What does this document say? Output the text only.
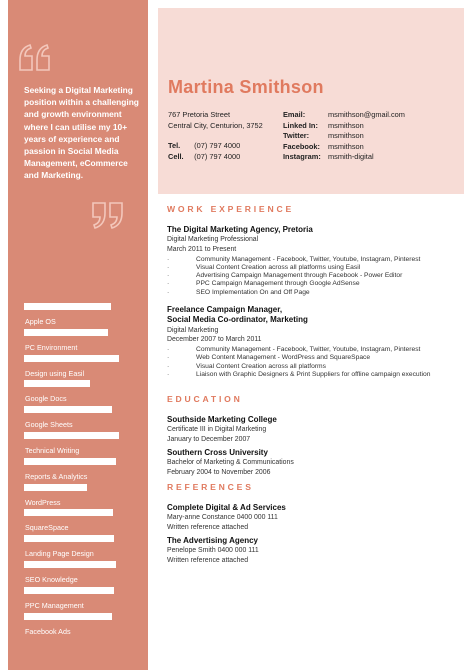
Seeking a Digital Marketing position within a challenging and growth environment where I can utilise my 10+ years of experience and passion in Social Media Management, eCommerce and Marketing.
Apple OS
PC Environment
Design using Easil
Google Docs
Google Sheets
Technical Writing
Reports & Analytics
WordPress
SquareSpace
Landing Page Design
SEO Knowledge
PPC Management
Facebook Ads
Martina Smithson
767 Pretoria Street
Central City, Centurion, 3752
Tel. (07) 797 4000
Cell. (07) 797 4000
Email:
Linked In:
Twitter:
Facebook:
Instagram:
msmithson@gmail.com
msmithson
msmithson
msmithson
msmith-digital
WORK EXPERIENCE
The Digital Marketing Agency, Pretoria
Digital Marketing Professional
March 2011 to Present
· Community Management - Facebook, Twitter, Youtube, Instagram, Pinterest
· Visual Content Creation across all platforms using Easil
· Advertising Campaign Management through Facebook - Power Editor
· PPC Campaign Management through Google AdSense
· SEO Implementation On and Off Page
Freelance Campaign Manager,
Social Media Co-ordinator, Marketing
Digital Marketing
December 2007 to March 2011
· Community Management - Facebook, Twitter, Youtube, Instagram, Pinterest
· Web Content Management - WordPress and SquareSpace
· Visual Content Creation across all platforms
· Liaison with Graphic Designers & Print Suppliers for offline campaign execution
EDUCATION
Southside Marketing College
Certificate III in Digital Marketing
January to December 2007
Southern Cross University
Bachelor of Marketing & Communications
February 2004 to November 2006
REFERENCES
Complete Digital & Ad Services
Mary-anne Constance 0400 000 111
Written reference attached
The Advertising Agency
Penelope Smith 0400 000 111
Written reference attached
